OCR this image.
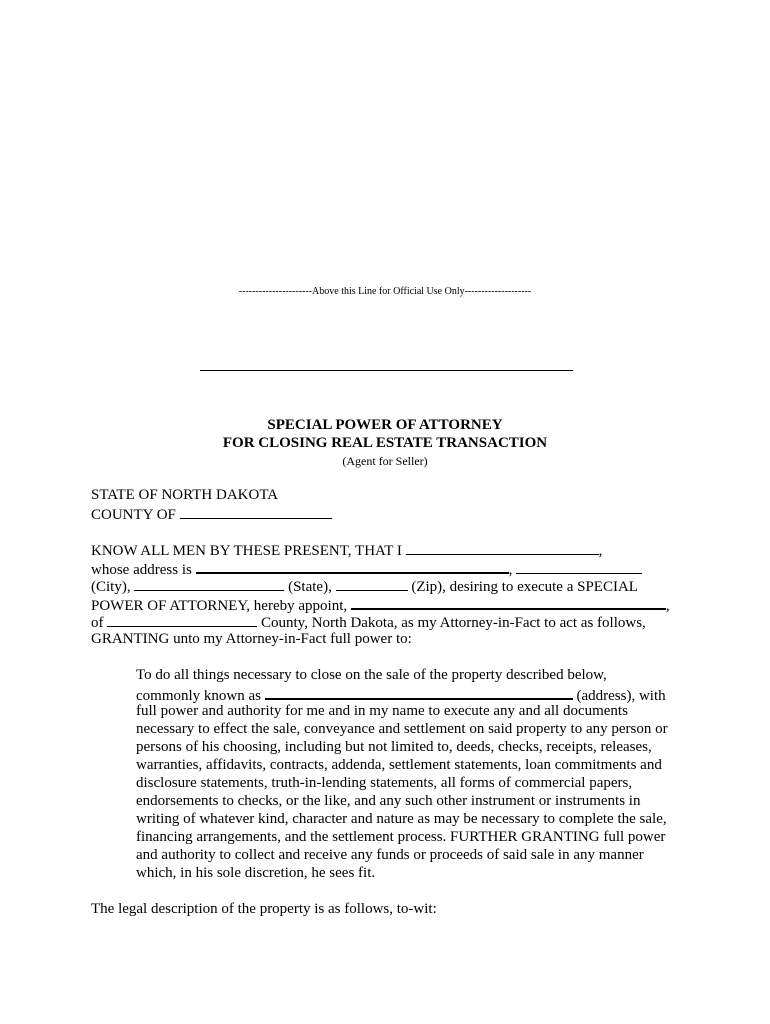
----------------------Above this Line for Official Use Only--------------------
SPECIAL POWER OF ATTORNEY
FOR CLOSING REAL ESTATE TRANSACTION
(Agent for Seller)
STATE OF NORTH DAKOTA
COUNTY OF
KNOW ALL MEN BY THESE PRESENT, THAT I	,
whose address is	,
(City),	(State),	(Zip), desiring to execute a SPECIAL
POWER OF ATTORNEY, hereby appoint,	,
of	County, North Dakota, as my Attorney-in-Fact to act as follows,
GRANTING unto my Attorney-in-Fact full power to:
To do all things necessary to close on the sale of the property described below,
commonly known as	(address), with
full power and authority for me and in my name to execute any and all documents
necessary to effect the sale, conveyance and settlement on said property to any person or
persons of his choosing, including but not limited to, deeds, checks, receipts, releases,
warranties, affidavits, contracts, addenda, settlement statements, loan commitments and
disclosure statements, truth-in-lending statements, all forms of commercial papers,
endorsements to checks, or the like, and any such other instrument or instruments in
writing of whatever kind, character and nature as may be necessary to complete the sale,
financing arrangements, and the settlement process. FURTHER GRANTING full power
and authority to collect and receive any funds or proceeds of said sale in any manner
which, in his sole discretion, he sees fit.
The legal description of the property is as follows, to-wit:
